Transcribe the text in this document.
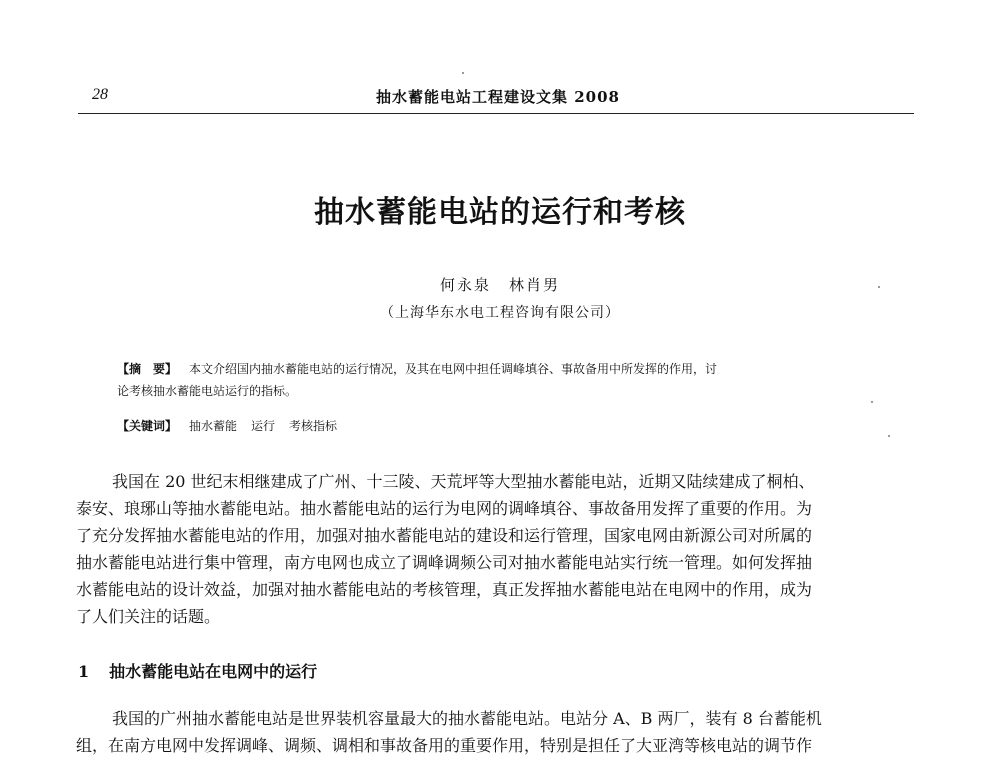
28	抽水蓄能电站工程建设文集 2008
抽水蓄能电站的运行和考核
何永泉 林肖男
（上海华东水电工程咨询有限公司）
【摘　要】 本文介绍国内抽水蓄能电站的运行情况，及其在电网中担任调峰填谷、事故备用中所发挥的作用，讨
论考核抽水蓄能电站运行的指标。
【关键词】 抽水蓄能 运行 考核指标
我国在 20 世纪末相继建成了广州、十三陵、天荒坪等大型抽水蓄能电站，近期又陆续建成了桐柏、
泰安、琅琊山等抽水蓄能电站。抽水蓄能电站的运行为电网的调峰填谷、事故备用发挥了重要的作用。为
了充分发挥抽水蓄能电站的作用，加强对抽水蓄能电站的建设和运行管理，国家电网由新源公司对所属的
抽水蓄能电站进行集中管理，南方电网也成立了调峰调频公司对抽水蓄能电站实行统一管理。如何发挥抽
水蓄能电站的设计效益，加强对抽水蓄能电站的考核管理，真正发挥抽水蓄能电站在电网中的作用，成为
了人们关注的话题。
1 抽水蓄能电站在电网中的运行
我国的广州抽水蓄能电站是世界装机容量最大的抽水蓄能电站。电站分 A、B 两厂，装有 8 台蓄能机
组，在南方电网中发挥调峰、调频、调相和事故备用的重要作用，特别是担任了大亚湾等核电站的调节作
